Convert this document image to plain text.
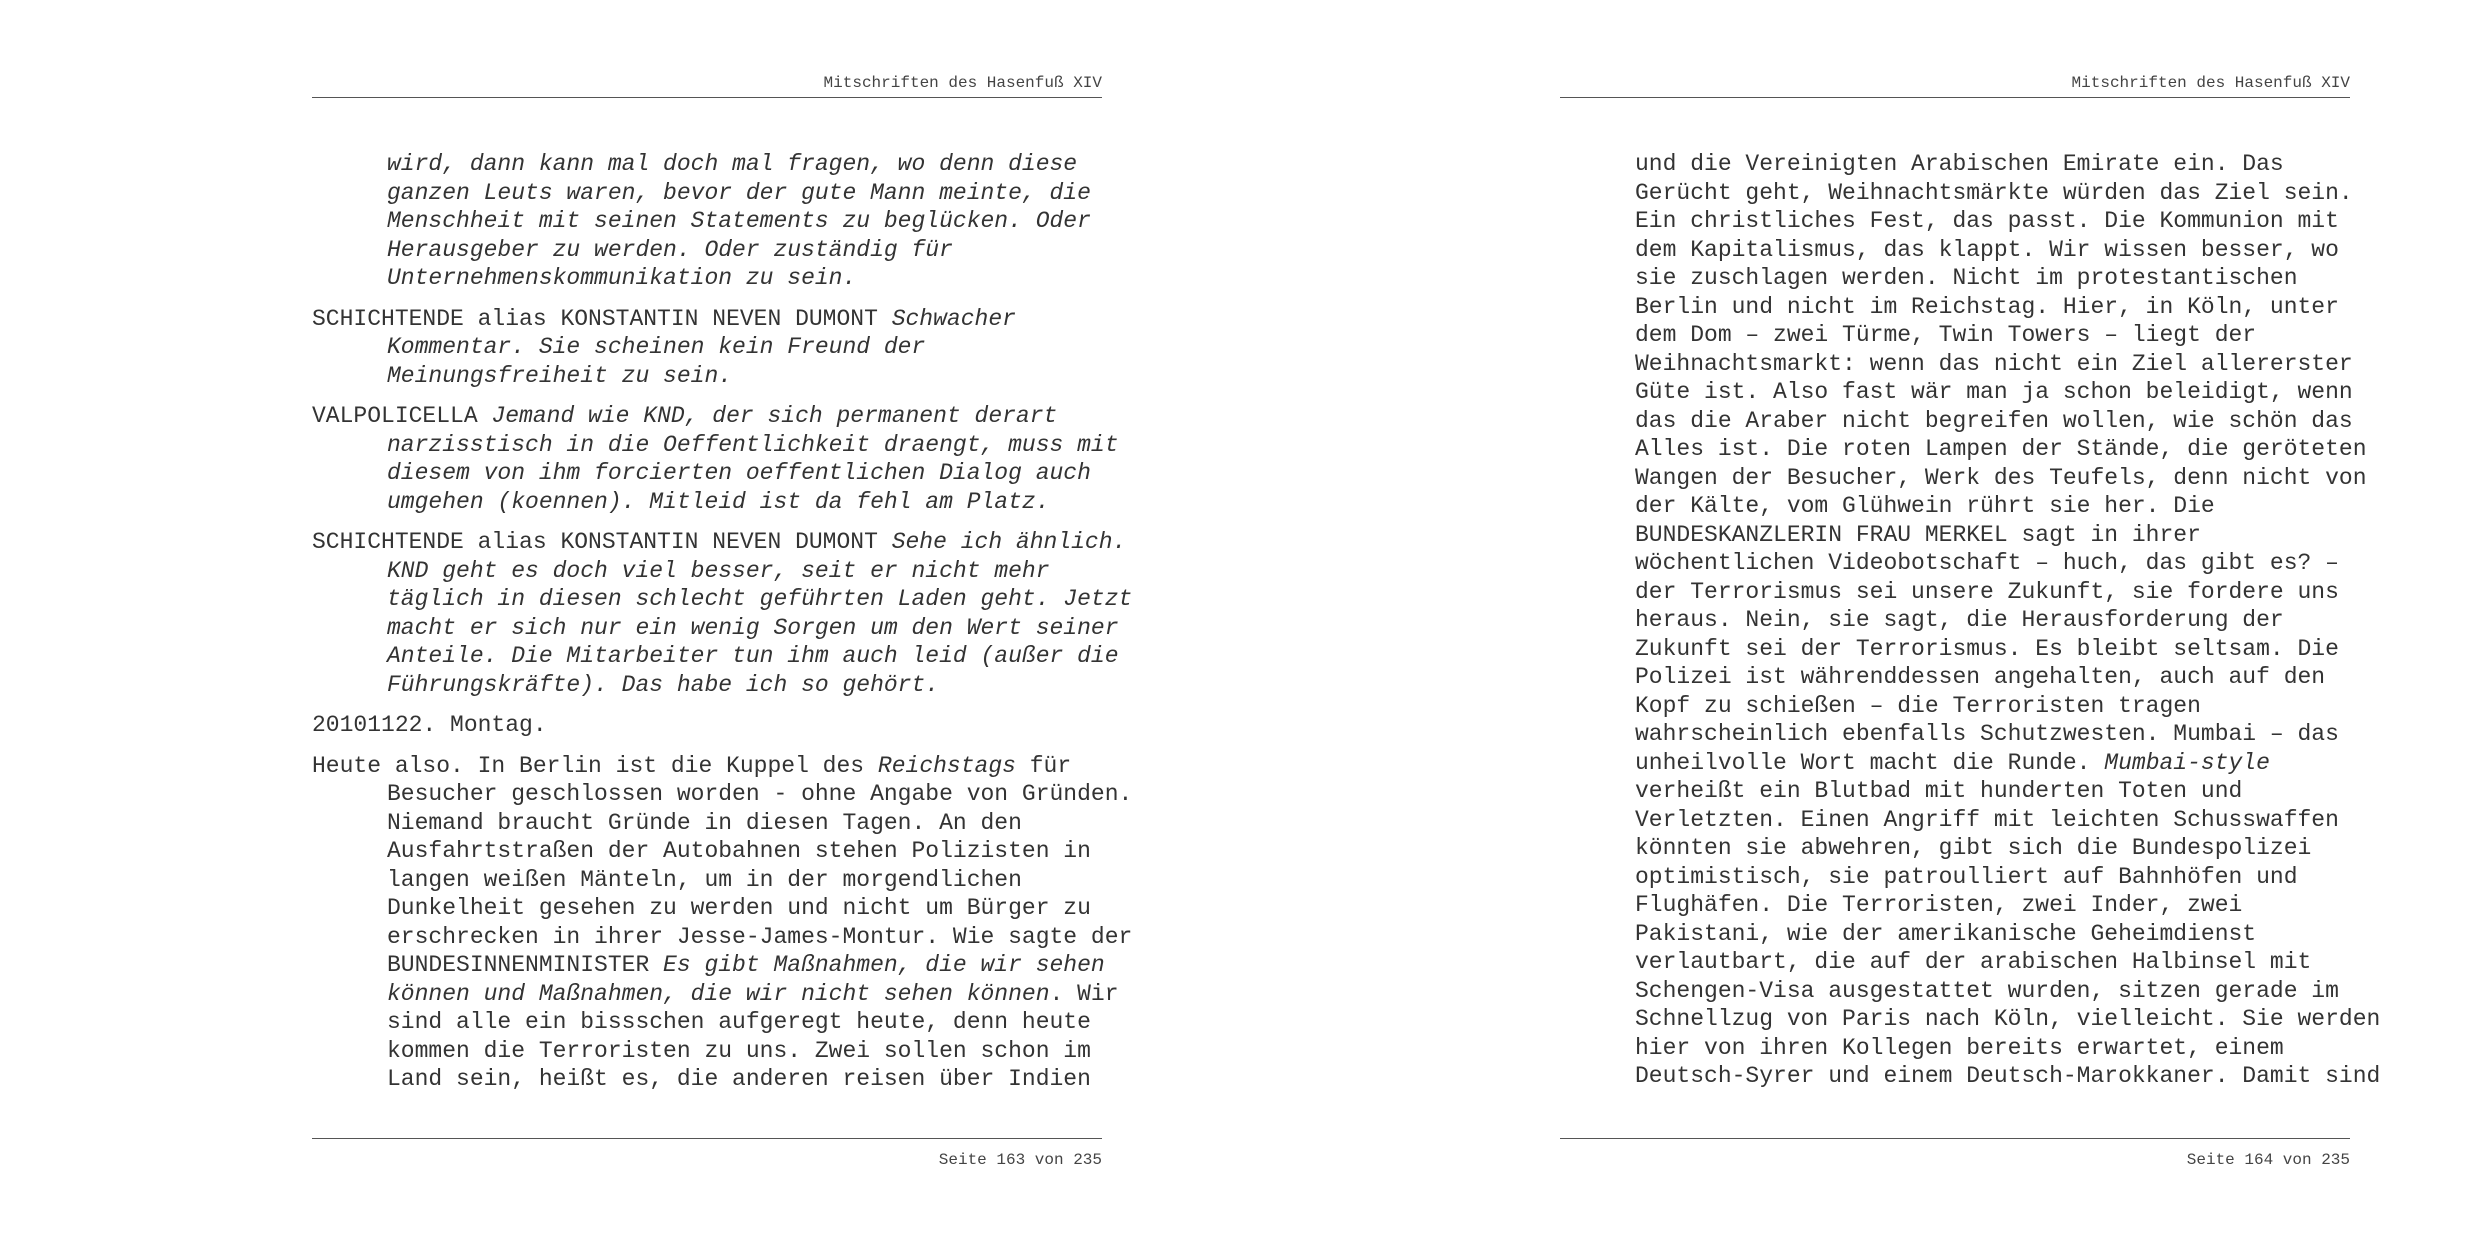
Mitschriften des Hasenfuß XIV
wird, dann kann mal doch mal fragen, wo denn diese
ganzen Leuts waren, bevor der gute Mann meinte, die
Menschheit mit seinen Statements zu beglücken. Oder
Herausgeber zu werden. Oder zuständig für
Unternehmenskommunikation zu sein.
SCHICHTENDE alias KONSTANTIN NEVEN DUMONT Schwacher
Kommentar. Sie scheinen kein Freund der
Meinungsfreiheit zu sein.
VALPOLICELLA Jemand wie KND, der sich permanent derart
narzisstisch in die Oeffentlichkeit draengt, muss mit
diesem von ihm forcierten oeffentlichen Dialog auch
umgehen (koennen). Mitleid ist da fehl am Platz.
SCHICHTENDE alias KONSTANTIN NEVEN DUMONT Sehe ich ähnlich.
KND geht es doch viel besser, seit er nicht mehr
täglich in diesen schlecht geführten Laden geht. Jetzt
macht er sich nur ein wenig Sorgen um den Wert seiner
Anteile. Die Mitarbeiter tun ihm auch leid (außer die
Führungskräfte). Das habe ich so gehört.
20101122. Montag.
Heute also. In Berlin ist die Kuppel des Reichstags für
Besucher geschlossen worden - ohne Angabe von Gründen.
Niemand braucht Gründe in diesen Tagen. An den
Ausfahrtstraßen der Autobahnen stehen Polizisten in
langen weißen Mänteln, um in der morgendlichen
Dunkelheit gesehen zu werden und nicht um Bürger zu
erschrecken in ihrer Jesse-James-Montur. Wie sagte der
BUNDESINNENMINISTER Es gibt Maßnahmen, die wir sehen
können und Maßnahmen, die wir nicht sehen können. Wir
sind alle ein bissschen aufgeregt heute, denn heute
kommen die Terroristen zu uns. Zwei sollen schon im
Land sein, heißt es, die anderen reisen über Indien
Seite 163 von 235
Mitschriften des Hasenfuß XIV
und die Vereinigten Arabischen Emirate ein. Das
Gerücht geht, Weihnachtsmärkte würden das Ziel sein.
Ein christliches Fest, das passt. Die Kommunion mit
dem Kapitalismus, das klappt. Wir wissen besser, wo
sie zuschlagen werden. Nicht im protestantischen
Berlin und nicht im Reichstag. Hier, in Köln, unter
dem Dom – zwei Türme, Twin Towers – liegt der
Weihnachtsmarkt: wenn das nicht ein Ziel allererster
Güte ist. Also fast wär man ja schon beleidigt, wenn
das die Araber nicht begreifen wollen, wie schön das
Alles ist. Die roten Lampen der Stände, die geröteten
Wangen der Besucher, Werk des Teufels, denn nicht von
der Kälte, vom Glühwein rührt sie her. Die
BUNDESKANZLERIN FRAU MERKEL sagt in ihrer
wöchentlichen Videobotschaft – huch, das gibt es? –
der Terrorismus sei unsere Zukunft, sie fordere uns
heraus. Nein, sie sagt, die Herausforderung der
Zukunft sei der Terrorismus. Es bleibt seltsam. Die
Polizei ist währenddessen angehalten, auch auf den
Kopf zu schießen – die Terroristen tragen
wahrscheinlich ebenfalls Schutzwesten. Mumbai – das
unheilvolle Wort macht die Runde. Mumbai-style
verheißt ein Blutbad mit hunderten Toten und
Verletzten. Einen Angriff mit leichten Schusswaffen
könnten sie abwehren, gibt sich die Bundespolizei
optimistisch, sie patroulliert auf Bahnhöfen und
Flughäfen. Die Terroristen, zwei Inder, zwei
Pakistani, wie der amerikanische Geheimdienst
verlautbart, die auf der arabischen Halbinsel mit
Schengen-Visa ausgestattet wurden, sitzen gerade im
Schnellzug von Paris nach Köln, vielleicht. Sie werden
hier von ihren Kollegen bereits erwartet, einem
Deutsch-Syrer und einem Deutsch-Marokkaner. Damit sind
Seite 164 von 235
